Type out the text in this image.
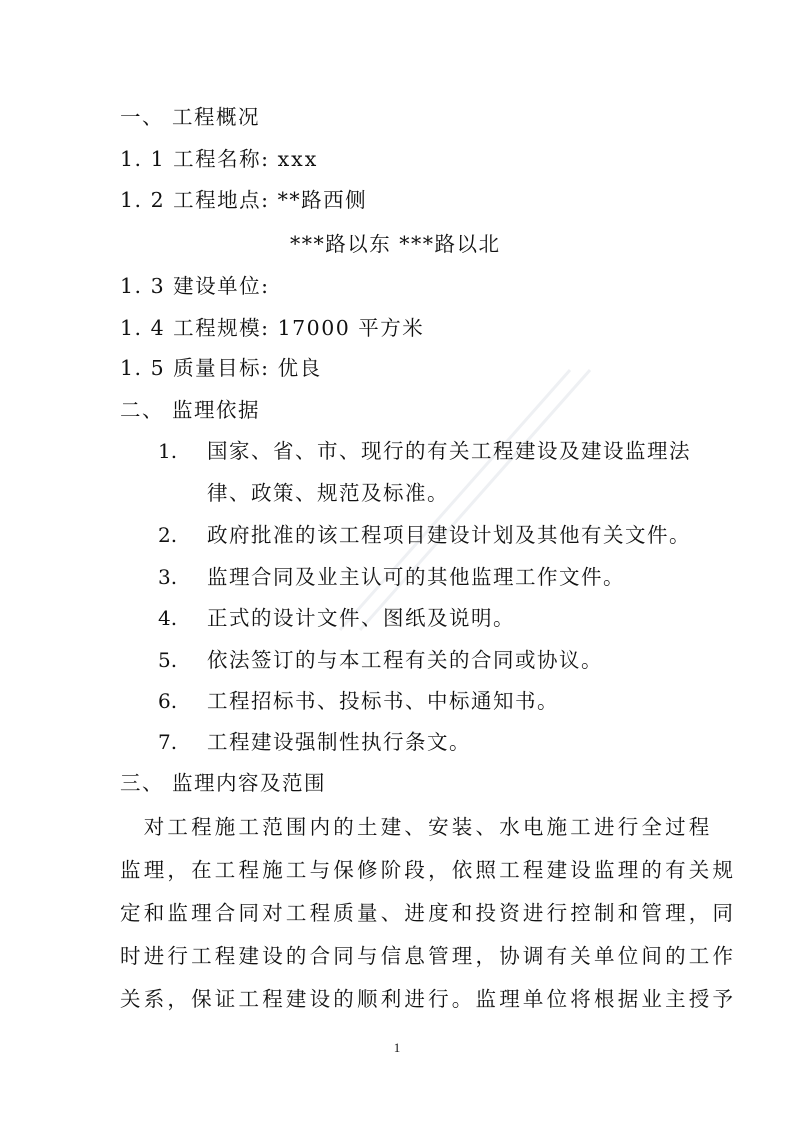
一、 工程概况
1. 1 工程名称: xxx
1. 2 工程地点: **路西侧
***路以东 ***路以北
1. 3 建设单位:
1. 4 工程规模: 17000 平方米
1. 5 质量目标: 优良
二、 监理依据
1. 国家、省、市、现行的有关工程建设及建设监理法
律、政策、规范及标准。
2. 政府批准的该工程项目建设计划及其他有关文件。
3. 监理合同及业主认可的其他监理工作文件。
4. 正式的设计文件、图纸及说明。
5. 依法签订的与本工程有关的合同或协议。
6. 工程招标书、投标书、中标通知书。
7. 工程建设强制性执行条文。
三、 监理内容及范围
　对工程施工范围内的土建、安装、水电施工进行全过程
监理，在工程施工与保修阶段，依照工程建设监理的有关规
定和监理合同对工程质量、进度和投资进行控制和管理，同
时进行工程建设的合同与信息管理，协调有关单位间的工作
关系，保证工程建设的顺利进行。监理单位将根据业主授予
1
